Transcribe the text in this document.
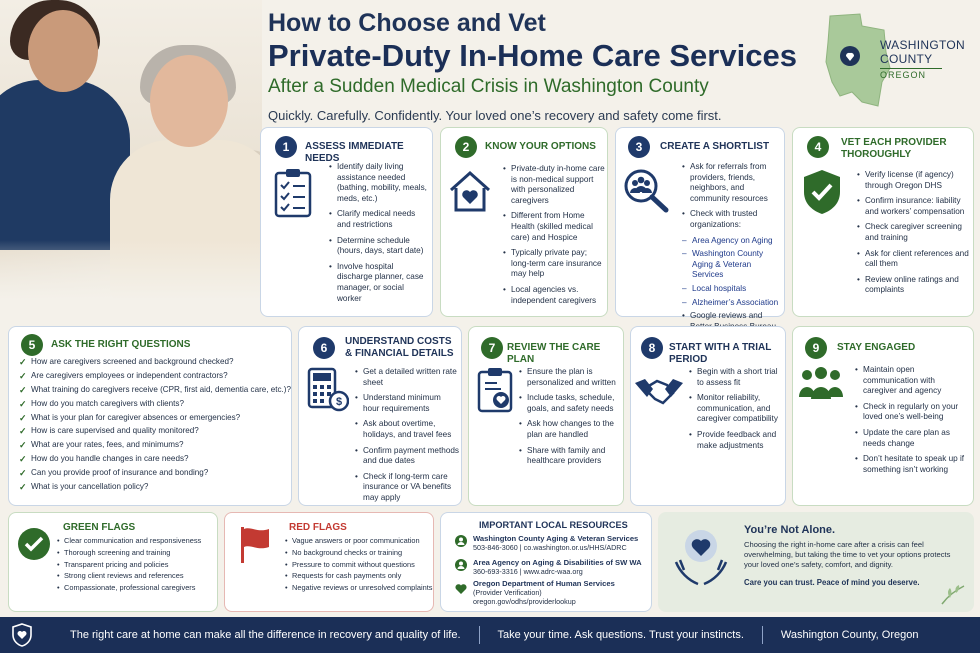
How to Choose and Vet
Private-Duty In-Home Care Services
After a Sudden Medical Crisis in Washington County
Quickly. Carefully. Confidently. Your loved one’s recovery and safety come first.
WASHINGTON
COUNTY
OREGON
1	ASSESS IMMEDIATE NEEDS
• Identify daily living assistance needed (bathing, mobility, meals, meds, etc.)
• Clarify medical needs and restrictions
• Determine schedule (hours, days, start date)
• Involve hospital discharge planner, case manager, or social worker
2	KNOW YOUR OPTIONS
• Private-duty in-home care is non-medical support with personalized caregivers
• Different from Home Health (skilled medical care) and Hospice
• Typically private pay; long-term care insurance may help
• Local agencies vs. independent caregivers
3	CREATE A SHORTLIST
• Ask for referrals from providers, friends, neighbors, and community resources
• Check with trusted organizations:
– Area Agency on Aging
– Washington County Aging & Veteran Services
– Local hospitals
– Alzheimer’s Association
• Google reviews and
4	VET EACH PROVIDER
THOROUGHLY
• Verify license (if agency) through Oregon DHS
• Confirm insurance: liability and workers’ compensation
• Check caregiver screening and training
• Ask for client references and call them
• Review online ratings and complaints
5	ASK THE RIGHT QUESTIONS
✓ How are caregivers screened and background checked?
✓ Are caregivers employees or independent contractors?
✓ What training do caregivers receive (CPR, first aid, dementia care, etc.)?
✓ How do you match caregivers with clients?
✓ What is your plan for caregiver absences or emergencies?
✓ How is care supervised and quality monitored?
✓ What are your rates, fees, and minimums?
✓ How do you handle changes in care needs?
✓ Can you provide proof of insurance and bonding?
✓ What is your cancellation policy?
6	UNDERSTAND COSTS
& FINANCIAL DETAILS
$
• Get a detailed written rate sheet
• Understand minimum hour requirements
• Ask about overtime, holidays, and travel fees
• Confirm payment methods and due dates
• Check if long-term care insurance or VA benefits may apply
7	REVIEW THE CARE PLAN
• Ensure the plan is personalized and written
• Include tasks, schedule, goals, and safety needs
• Ask how changes to the plan are handled
• Share with family and healthcare providers
8	START WITH A TRIAL PERIOD
• Begin with a short trial to assess fit
• Monitor reliability, communication, and caregiver compatibility
• Provide feedback and make adjustments
9	STAY ENGAGED
• Maintain open communication with caregiver and agency
• Check in regularly on your loved one’s well-being
• Update the care plan as needs change
• Don’t hesitate to speak up if something isn’t working
GREEN FLAGS
• Clear communication and responsiveness
• Thorough screening and training
• Transparent pricing and policies
• Strong client reviews and references
• Compassionate, professional caregivers
RED FLAGS
• Vague answers or poor communication
• No background checks or training
• Pressure to commit without questions
• Requests for cash payments only
• Negative reviews or unresolved complaints
IMPORTANT LOCAL RESOURCES
Washington County Aging & Veteran Services
503-846-3060 | co.washington.or.us/HHS/ADRC
Area Agency on Aging & Disabilities of SW WA
360-693-3316 | www.adrc-waa.org
Oregon Department of Human Services
(Provider Verification)
oregon.gov/odhs/providerlookup
You’re Not Alone.
Choosing the right in-home care after a crisis can feel overwhelming, but taking the time to vet your options protects your loved one’s safety, comfort, and dignity.
Care you can trust. Peace of mind you deserve.
The right care at home can make all the difference in recovery and quality of life.	Take your time. Ask questions. Trust your instincts.	Washington County, Oregon
